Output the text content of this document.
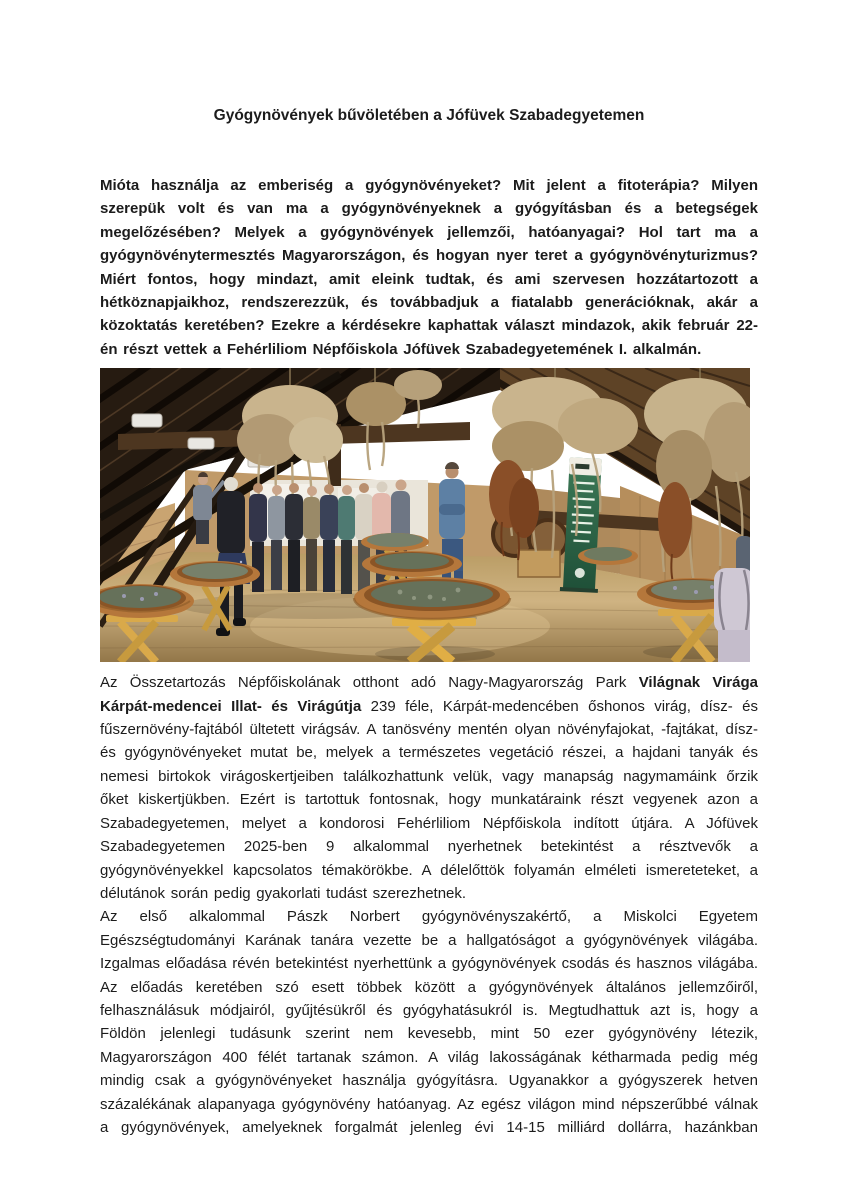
Gyógynövények bűvöletében a Jófüvek Szabadegyetemen

Mióta használja az emberiség a gyógynövényeket? Mit jelent a fitoterápia? Milyen szerepük volt és van ma a gyógynövényeknek a gyógyításban és a betegségek megelőzésében? Melyek a gyógynövények jellemzői, hatóanyagai? Hol tart ma a gyógynövénytermesztés Magyarországon, és hogyan nyer teret a gyógynövényturizmus? Miért fontos, hogy mindazt, amit eleink tudtak, és ami szervesen hozzátartozott a hétköznapjaikhoz, rendszerezzük, és továbbadjuk a fiatalabb generációknak, akár a közoktatás keretében? Ezekre a kérdésekre kaphattak választ mindazok, akik február 22-én részt vettek a Fehérliliom Népfőiskola Jófüvek Szabadegyetemének I. alkalmán.

Az Összetartozás Népfőiskolának otthont adó Nagy-Magyarország Park Világnak Virága Kárpát-medencei Illat- és Virágútja 239 féle, Kárpát-medencében őshonos virág, dísz- és fűszernövény-fajtából ültetett virágsáv. A tanösvény mentén olyan növényfajokat, -fajtákat, dísz- és gyógynövényeket mutat be, melyek a természetes vegetáció részei, a hajdani tanyák és nemesi birtokok virágoskertjeiben találkozhattunk velük, vagy manapság nagymamáink őrzik őket kiskertjükben. Ezért is tartottuk fontosnak, hogy munkatáraink részt vegyenek azon a Szabadegyetemen, melyet a kondorosi Fehérliliom Népfőiskola indított útjára. A Jófüvek Szabadegyetemen 2025-ben 9 alkalommal nyerhetnek betekintést a résztvevők a gyógynövényekkel kapcsolatos témakörökbe. A délelőttök folyamán elméleti ismereteteket, a délutánok során pedig gyakorlati tudást szerezhetnek.

Az első alkalommal Pászk Norbert gyógynövényszakértő, a Miskolci Egyetem Egészségtudományi Karának tanára vezette be a hallgatóságot a gyógynövények világába. Izgalmas előadása révén betekintést nyerhettünk a gyógynövények csodás és hasznos világába. Az előadás keretében szó esett többek között a gyógynövények általános jellemzőiről, felhasználásuk módjairól, gyűjtésükről és gyógyhatásukról is. Megtudhattuk azt is, hogy a Földön jelenlegi tudásunk szerint nem kevesebb, mint 50 ezer gyógynövény létezik, Magyarországon 400 félét tartanak számon. A világ lakosságának kétharmada pedig még mindig csak a gyógynövényeket használja gyógyításra. Ugyanakkor a gyógyszerek hetven százalékának alapanyaga gyógynövény hatóanyag. Az egész világon mind népszerűbbé válnak a gyógynövények, amelyeknek forgalmát jelenleg évi 14-15 milliárd dollárra, hazánkban
